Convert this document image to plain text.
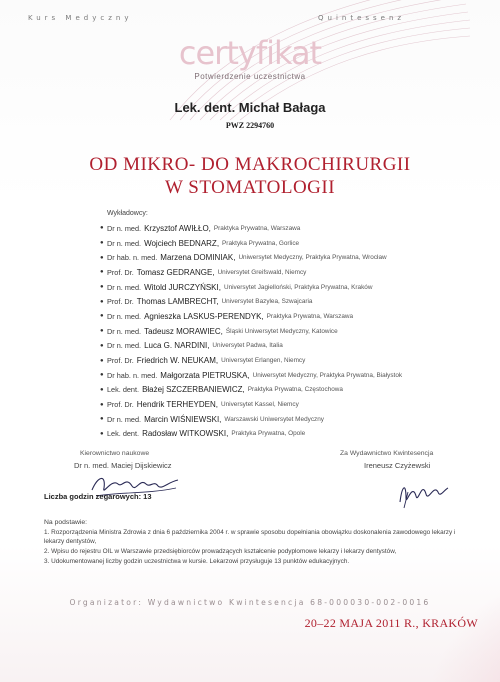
Kurs Medyczny	Quintessenz
certyfikat
Potwierdzenie uczestnictwa
Lek. dent. Michał Bałaga
PWZ 2294760
OD MIKRO- DO MAKROCHIRURGII
W STOMATOLOGII
Wykładowcy:
● Dr n. med. Krzysztof AWIŁŁO, Praktyka Prywatna, Warszawa
● Dr n. med. Wojciech BEDNARZ, Praktyka Prywatna, Gorlice
● Dr hab. n. med. Marzena DOMINIAK, Uniwersytet Medyczny, Praktyka Prywatna, Wrocław
● Prof. Dr. Tomasz GEDRANGE, Universytet Greifswald, Niemcy
● Dr n. med. Witold JURCZYŃSKI, Universytet Jagielloński, Praktyka Prywatna, Kraków
● Prof. Dr. Thomas LAMBRECHT, Universytet Bazylea, Szwajcaria
● Dr n. med. Agnieszka LASKUS-PERENDYK, Praktyka Prywatna, Warszawa
● Dr n. med. Tadeusz MORAWIEC, Śląski Uniwersytet Medyczny, Katowice
● Dr n. med. Luca G. NARDINI, Universytet Padwa, Italia
● Prof. Dr. Friedrich W. NEUKAM, Universytet Erlangen, Niemcy
● Dr hab. n. med. Małgorzata PIETRUSKA, Uniwersytet Medyczny, Praktyka Prywatna, Białystok
● Lek. dent. Błażej SZCZERBANIEWICZ, Praktyka Prywatna, Częstochowa
● Prof. Dr. Hendrik TERHEYDEN, Universytet Kassel, Niemcy
● Dr n. med. Marcin WIŚNIEWSKI, Warszawski Uniwersytet Medyczny
● Lek. dent. Radosław WITKOWSKI, Praktyka Prywatna, Opole
Kierownictwo naukowe
Dr n. med. Maciej Dijskiewicz
Liczba godzin zegarowych: 13
Za Wydawnictwo Kwintesencja
Ireneusz Czyżewski
Na podstawie:
1. Rozporządzenia Ministra Zdrowia z dnia 6 października 2004 r. w sprawie sposobu dopełniania obowiązku doskonalenia zawodowego lekarzy i lekarzy dentystów,
2. Wpisu do rejestru OIL w Warszawie przedsiębiorców prowadzących kształcenie podyplomowe lekarzy i lekarzy dentystów,
3. Udokumentowanej liczby godzin uczestnictwa w kursie. Lekarzowi przysługuje 13 punktów edukacyjnych.
Organizator: Wydawnictwo Kwintesencja 68-000030-002-0016
20–22 MAJA 2011 R., KRAKÓW
